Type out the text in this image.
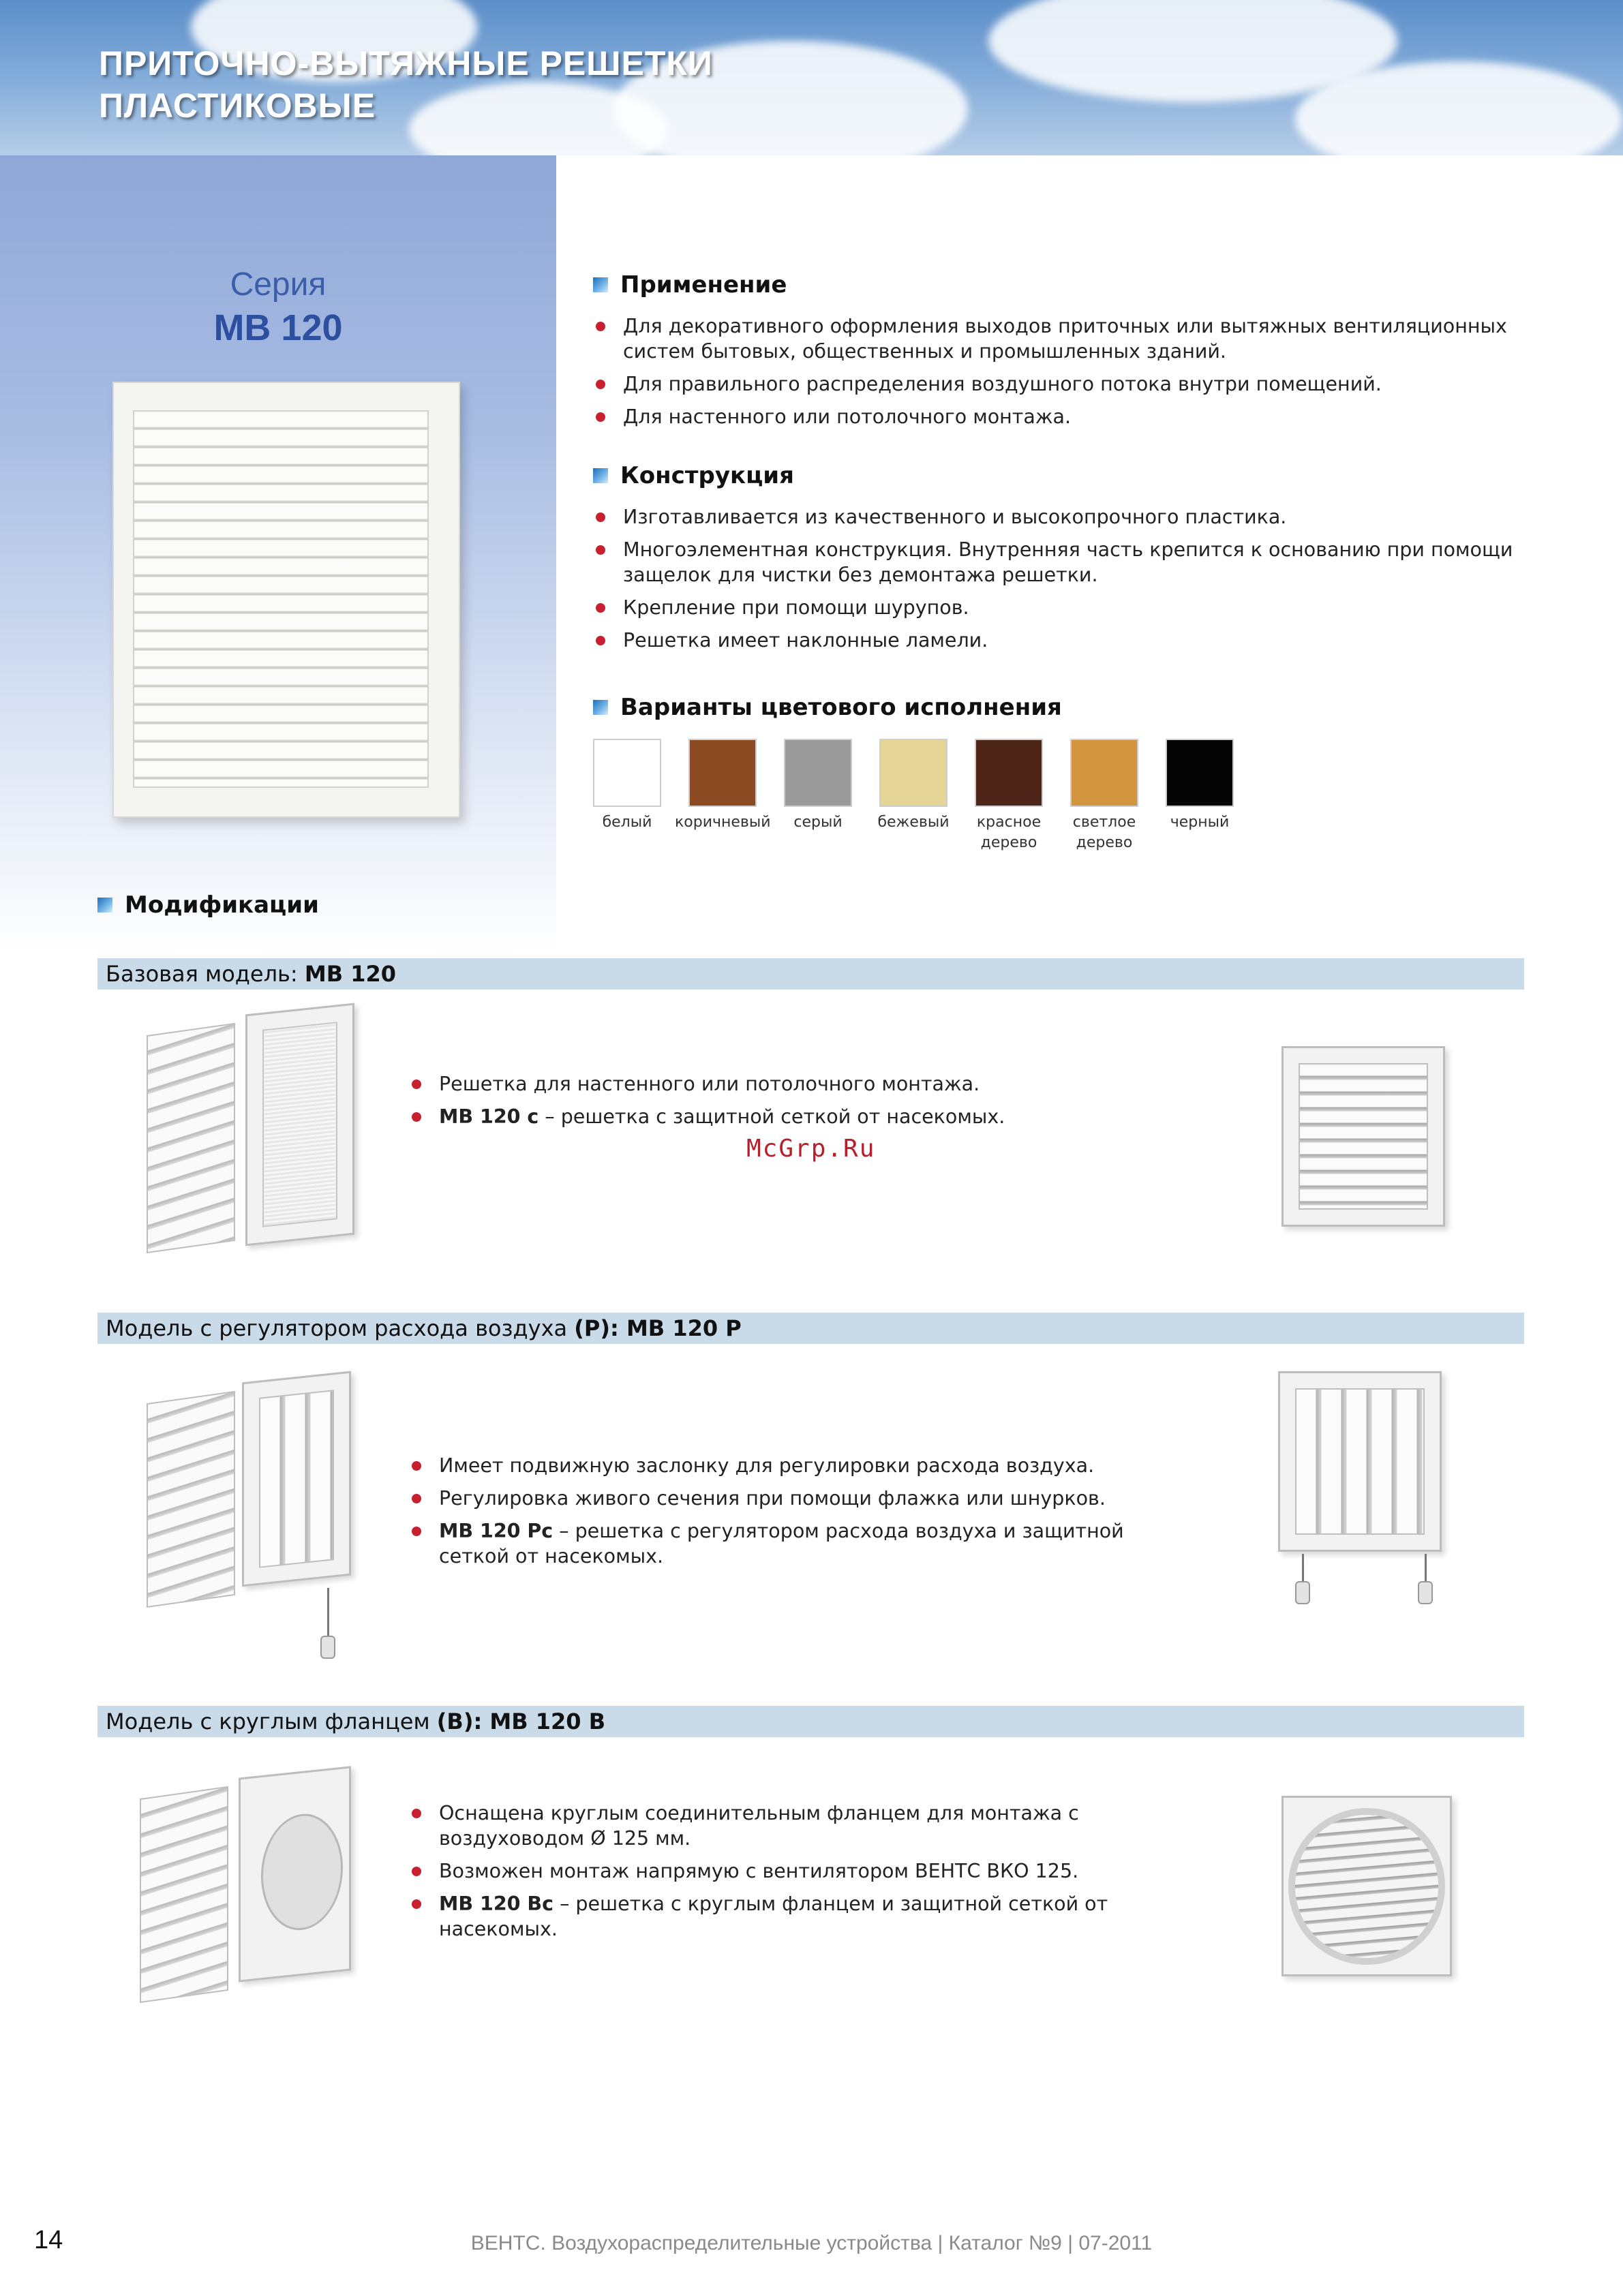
ПРИТОЧНО-ВЫТЯЖНЫЕ РЕШЕТКИ
ПЛАСТИКОВЫЕ
Серия
МВ 120
Применение
Для декоративного оформления выходов приточных или вытяжных вентиляционных систем бытовых, общественных и промышленных зданий.
Для правильного распределения воздушного потока внутри помещений.
Для настенного или потолочного монтажа.
Конструкция
Изготавливается из качественного и высокопрочного пластика.
Многоэлементная конструкция. Внутренняя часть крепится к основанию при помощи защелок для чистки без демонтажа решетки.
Крепление при помощи шурупов.
Решетка имеет наклонные ламели.
Варианты цветового исполнения
белый	коричневый	серый	бежевый	красное
дерево
светлое
дерево
черный
Модификации
Базовая модель: МВ 120
Решетка для настенного или потолочного монтажа.
МВ 120 с – решетка с защитной сеткой от насекомых.
McGrp.Ru
Модель с регулятором расхода воздуха (Р): МВ 120 Р
Имеет подвижную заслонку для регулировки расхода воздуха.
Регулировка живого сечения при помощи флажка или шнурков.
МВ 120 Рс – решетка с регулятором расхода воздуха и защитной сеткой от насекомых.
Модель с круглым фланцем (В): МВ 120 В
Оснащена круглым соединительным фланцем для монтажа с воздуховодом Ø 125 мм.
Возможен монтаж напрямую с вентилятором ВЕНТС ВКО 125.
МВ 120 Вс – решетка с круглым фланцем и защитной сеткой от насекомых.
14	ВЕНТС. Воздухораспределительные устройства | Каталог №9 | 07-2011
